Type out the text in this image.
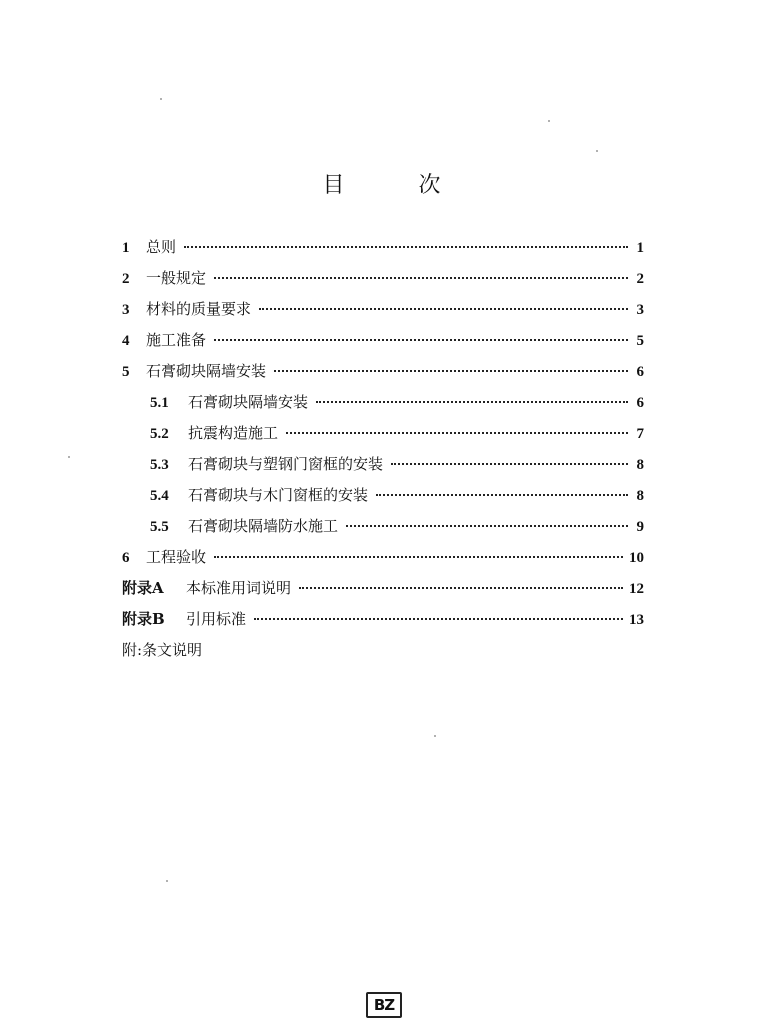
目	次
1	总则	1
2	一般规定	2
3	材料的质量要求	3
4	施工准备	5
5	石膏砌块隔墙安装	6
5.1	石膏砌块隔墙安装	6
5.2	抗震构造施工	7
5.3	石膏砌块与塑钢门窗框的安装	8
5.4	石膏砌块与木门窗框的安装	8
5.5	石膏砌块隔墙防水施工	9
6	工程验收	10
附录A	本标准用词说明	12
附录B	引用标准	13
附:条文说明
BZ
